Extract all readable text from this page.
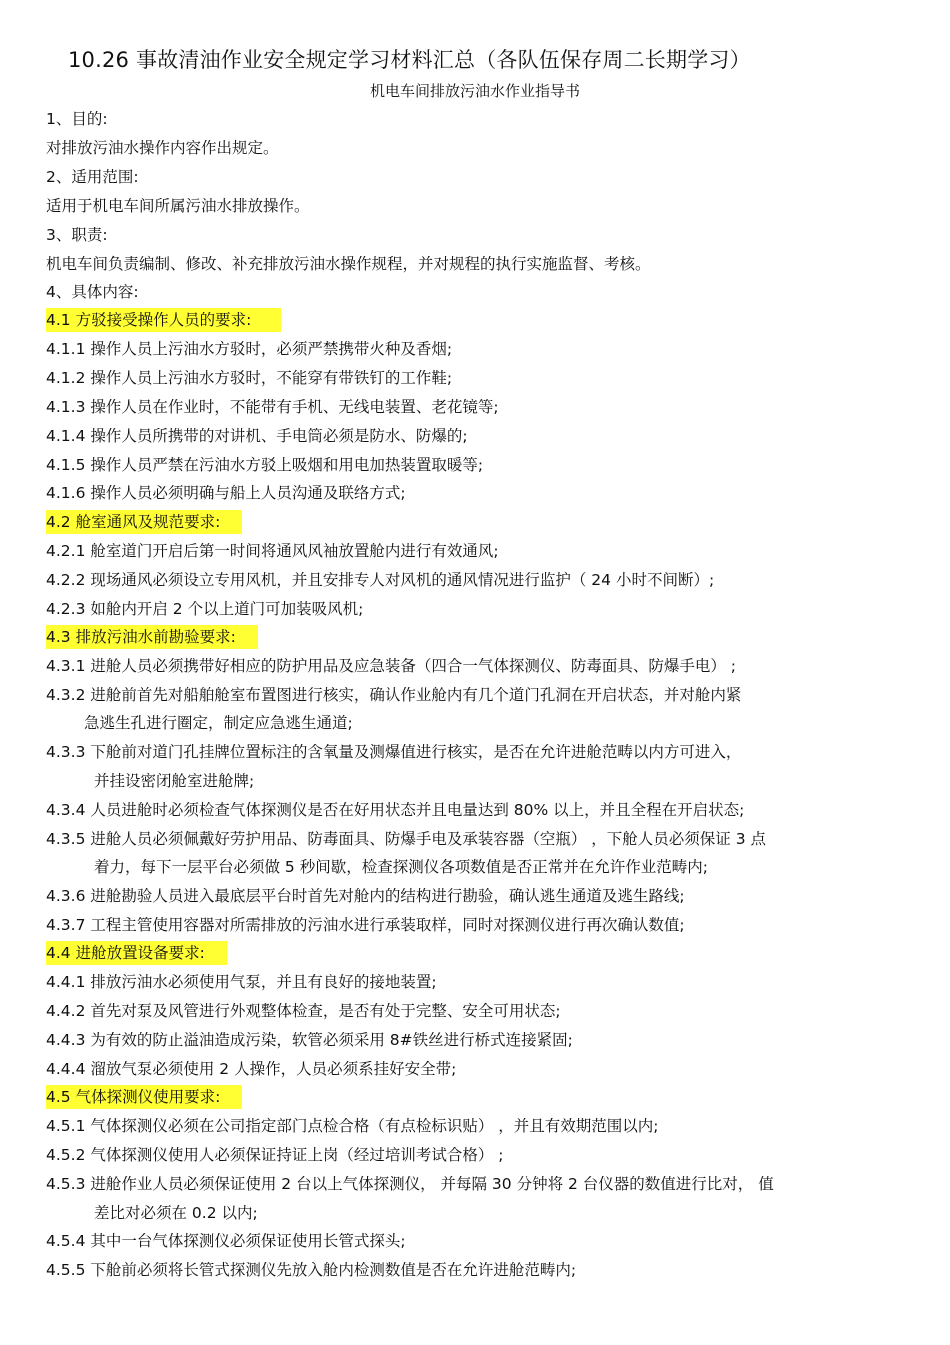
10.26 事故清油作业安全规定学习材料汇总（各队伍保存周二长期学习）
机电车间排放污油水作业指导书
1、目的:
对排放污油水操作内容作出规定。
2、适用范围:
适用于机电车间所属污油水排放操作。
3、职责:
机电车间负责编制、修改、补充排放污油水操作规程，并对规程的执行实施监督、考核。
4、具体内容:
4.1 方驳接受操作人员的要求:
4.1.1 操作人员上污油水方驳时，必须严禁携带火种及香烟;
4.1.2 操作人员上污油水方驳时，不能穿有带铁钉的工作鞋;
4.1.3 操作人员在作业时，不能带有手机、无线电装置、老花镜等;
4.1.4 操作人员所携带的对讲机、手电筒必须是防水、防爆的;
4.1.5 操作人员严禁在污油水方驳上吸烟和用电加热装置取暖等;
4.1.6 操作人员必须明确与船上人员沟通及联络方式;
4.2 舱室通风及规范要求:
4.2.1 舱室道门开启后第一时间将通风风袖放置舱内进行有效通风;
4.2.2 现场通风必须设立专用风机，并且安排专人对风机的通风情况进行监护（ 24 小时不间断）;
4.2.3 如舱内开启 2 个以上道门可加装吸风机;
4.3 排放污油水前勘验要求:
4.3.1 进舱人员必须携带好相应的防护用品及应急装备（四合一气体探测仪、防毒面具、防爆手电） ;
4.3.2 进舱前首先对船舶舱室布置图进行核实，确认作业舱内有几个道门孔洞在开启状态，并对舱内紧
急逃生孔进行圈定，制定应急逃生通道;
4.3.3 下舱前对道门孔挂牌位置标注的含氧量及测爆值进行核实，是否在允许进舱范畴以内方可进入，
并挂设密闭舱室进舱牌;
4.3.4 人员进舱时必须检查气体探测仪是否在好用状态并且电量达到 80% 以上，并且全程在开启状态;
4.3.5 进舱人员必须佩戴好劳护用品、防毒面具、防爆手电及承装容器（空瓶） ，下舱人员必须保证 3 点
着力，每下一层平台必须做 5 秒间歇，检查探测仪各项数值是否正常并在允许作业范畴内;
4.3.6 进舱勘验人员进入最底层平台时首先对舱内的结构进行勘验，确认逃生通道及逃生路线;
4.3.7 工程主管使用容器对所需排放的污油水进行承装取样，同时对探测仪进行再次确认数值;
4.4 进舱放置设备要求:
4.4.1 排放污油水必须使用气泵，并且有良好的接地装置;
4.4.2 首先对泵及风管进行外观整体检查，是否有处于完整、安全可用状态;
4.4.3 为有效的防止溢油造成污染，软管必须采用 8#铁丝进行桥式连接紧固;
4.4.4 溜放气泵必须使用 2 人操作，人员必须系挂好安全带;
4.5 气体探测仪使用要求:
4.5.1 气体探测仪必须在公司指定部门点检合格（有点检标识贴） ，并且有效期范围以内;
4.5.2 气体探测仪使用人必须保证持证上岗（经过培训考试合格） ;
4.5.3 进舱作业人员必须保证使用 2 台以上气体探测仪， 并每隔 30 分钟将 2 台仪器的数值进行比对， 值
差比对必须在 0.2 以内;
4.5.4 其中一台气体探测仪必须保证使用长管式探头;
4.5.5 下舱前必须将长管式探测仪先放入舱内检测数值是否在允许进舱范畴内;
